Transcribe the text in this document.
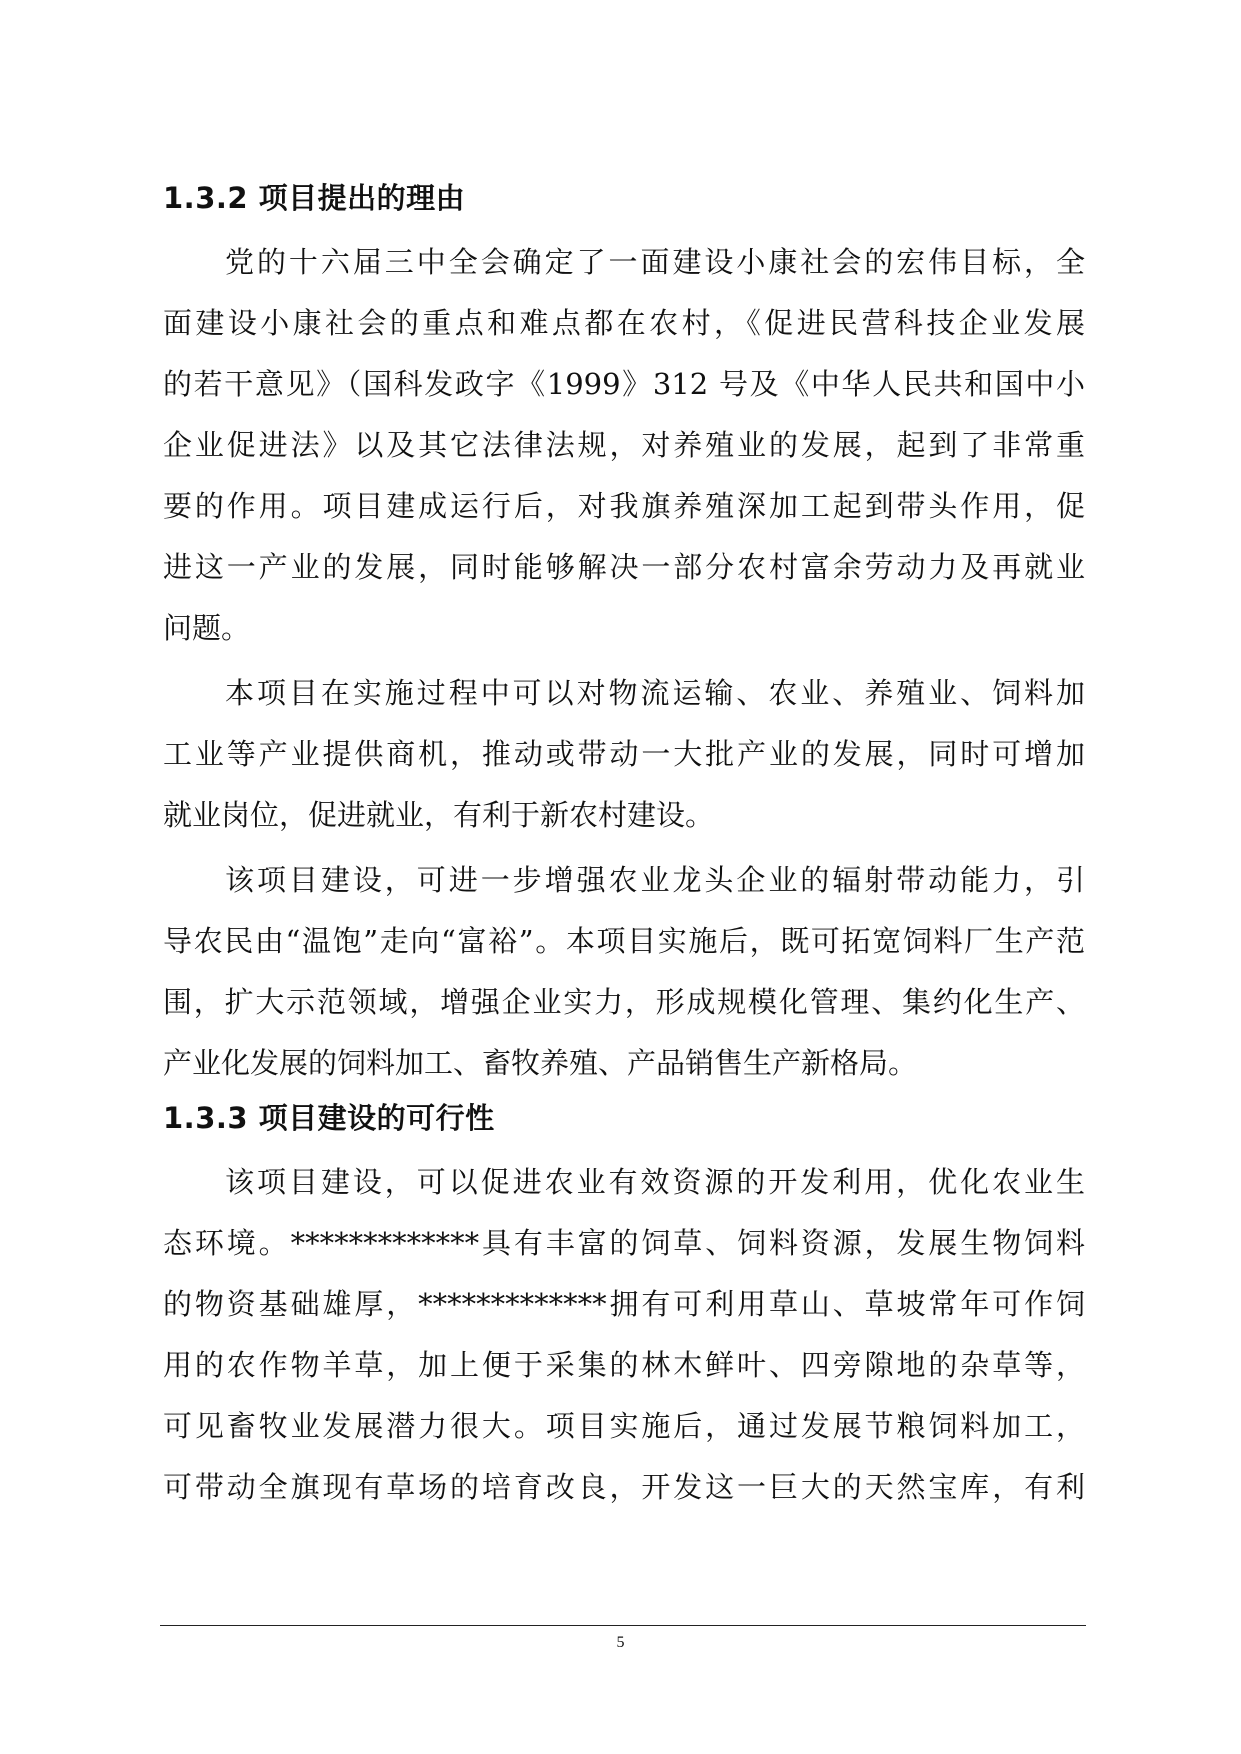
1.3.2 项目提出的理由
党的十六届三中全会确定了一面建设小康社会的宏伟目标，全
面建设小康社会的重点和难点都在农村，《促进民营科技企业发展
的若干意见》（国科发政字《1999》312 号及《中华人民共和国中小
企业促进法》以及其它法律法规，对养殖业的发展，起到了非常重
要的作用。项目建成运行后，对我旗养殖深加工起到带头作用，促
进这一产业的发展，同时能够解决一部分农村富余劳动力及再就业
问题。
本项目在实施过程中可以对物流运输、农业、养殖业、饲料加
工业等产业提供商机，推动或带动一大批产业的发展，同时可增加
就业岗位，促进就业，有利于新农村建设。
该项目建设，可进一步增强农业龙头企业的辐射带动能力，引
导农民由“温饱”走向“富裕”。本项目实施后，既可拓宽饲料厂生产范
围，扩大示范领域，增强企业实力，形成规模化管理、集约化生产、
产业化发展的饲料加工、畜牧养殖、产品销售生产新格局。
1.3.3 项目建设的可行性
该项目建设，可以促进农业有效资源的开发利用，优化农业生
态环境。*************具有丰富的饲草、饲料资源，发展生物饲料
的物资基础雄厚，*************拥有可利用草山、草坡常年可作饲
用的农作物羊草，加上便于采集的林木鲜叶、四旁隙地的杂草等，
可见畜牧业发展潜力很大。项目实施后，通过发展节粮饲料加工，
可带动全旗现有草场的培育改良，开发这一巨大的天然宝库，有利
5
